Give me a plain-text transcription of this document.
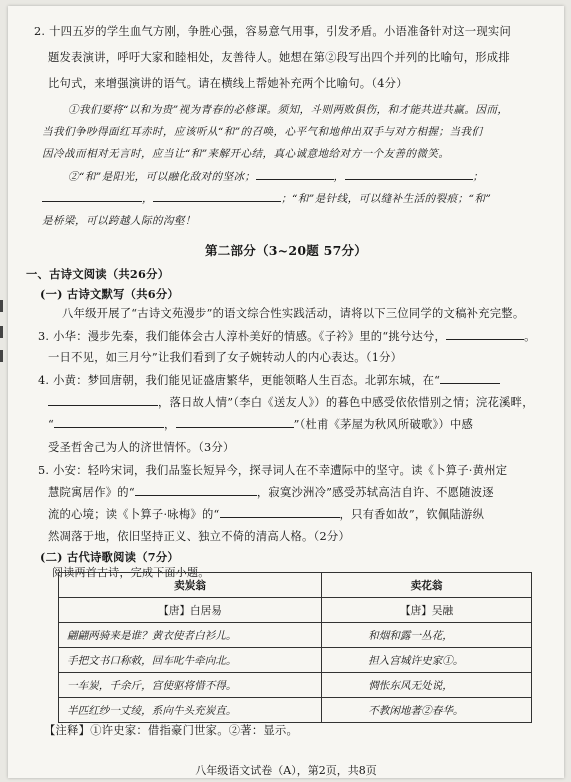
2. 十四五岁的学生血气方刚，争胜心强，容易意气用事，引发矛盾。小语准备针对这一现实问
题发表演讲，呼吁大家和睦相处，友善待人。她想在第②段写出四个并列的比喻句，形成排
比句式，来增强演讲的语气。请在横线上帮她补充两个比喻句。（4分）
①我们要将“以和为贵”视为青春的必修课。须知，斗则两败俱伤，和才能共进共赢。因而，
当我们争吵得面红耳赤时，应该听从“和”的召唤，心平气和地伸出双手与对方相握；当我们
因冷战而相对无言时，应当让“和”来解开心结，真心诚意地给对方一个友善的微笑。
②“和”是阳光，可以融化敌对的坚冰；	，	；
，	；“和”是针线，可以缝补生活的裂痕；“和”
是桥梁，可以跨越人际的沟壑！
第二部分（3~20题 57分）
一、古诗文阅读（共26分）
(一) 古诗文默写（共6分）
八年级开展了“古诗文苑漫步”的语文综合性实践活动，请将以下三位同学的文稿补充完整。
3. 小华：漫步先秦，我们能体会古人淳朴美好的情感。《子衿》里的“挑兮达兮，	。
一日不见，如三月兮”让我们看到了女子婉转动人的内心表达。（1分）
4. 小黄：梦回唐朝，我们能见证盛唐繁华，更能领略人生百态。北郭东城，在“
，落日故人情”（李白《送友人》）的暮色中感受依依惜别之情；浣花溪畔，
“	，	”（杜甫《茅屋为秋风所破歌》）中感
受圣哲舍己为人的济世情怀。（3分）
5. 小安：轻吟宋词，我们品鉴长短异今，探寻词人在不幸遭际中的坚守。读《卜算子·黄州定
慧院寓居作》的“	，寂寞沙洲冷”感受苏轼高洁自许、不愿随波逐
流的心境；读《卜算子·咏梅》的“	，只有香如故”，钦佩陆游纵
然凋落于地，依旧坚持正义、独立不倚的清高人格。（2分）
(二) 古代诗歌阅读（7分）
阅读两首古诗，完成下面小题。
卖炭翁	卖花翁
【唐】白居易	【唐】吴融
翩翩两骑来是谁？黄衣使者白衫儿。	和烟和露一丛花，
手把文书口称敕，回车叱牛牵向北。	担入宫城许史家①。
一车炭，千余斤，宫使驱将惜不得。	惆怅东风无处说，
半匹红纱一丈绫，系向牛头充炭直。	不教闲地著②春华。
【注释】①许史家：借指豪门世家。②著：显示。
八年级语文试卷（A），第2页，共8页
